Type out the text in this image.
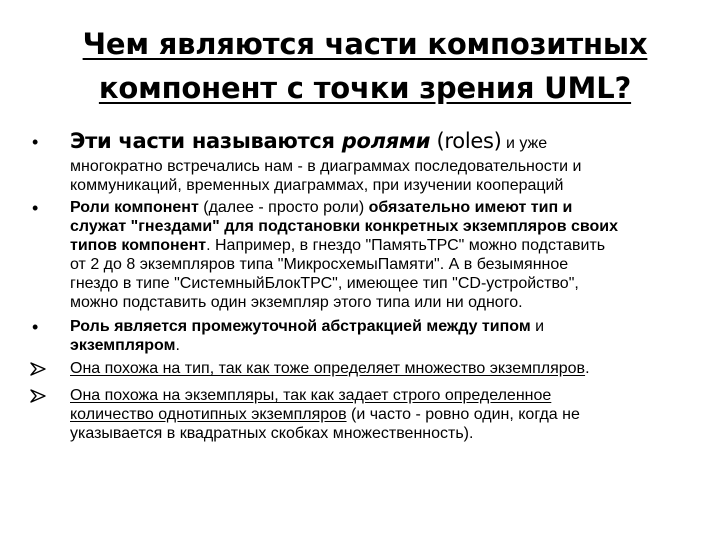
Чем являются части композитных
компонент с точки зрения UML?
• Эти части называются ролями (roles) и уже
многократно встречались нам - в диаграммах последовательности и
коммуникаций, временных диаграммах, при изучении коопераций
• Роли компонент (далее - просто роли) обязательно имеют тип и
служат "гнездами" для подстановки конкретных экземпляров своих
типов компонент. Например, в гнездо "ПамятьТРС" можно подставить
от 2 до 8 экземпляров типа "МикросхемыПамяти". А в безымянное
гнездо в типе "СистемныйБлокТРС", имеющее тип "CD-устройство",
можно подставить один экземпляр этого типа или ни одного.
• Роль является промежуточной абстракцией между типом и
экземпляром.
Она похожа на тип, так как тоже определяет множество экземпляров.
Она похожа на экземпляры, так как задает строго определенное
количество однотипных экземпляров (и часто - ровно один, когда не
указывается в квадратных скобках множественность).
